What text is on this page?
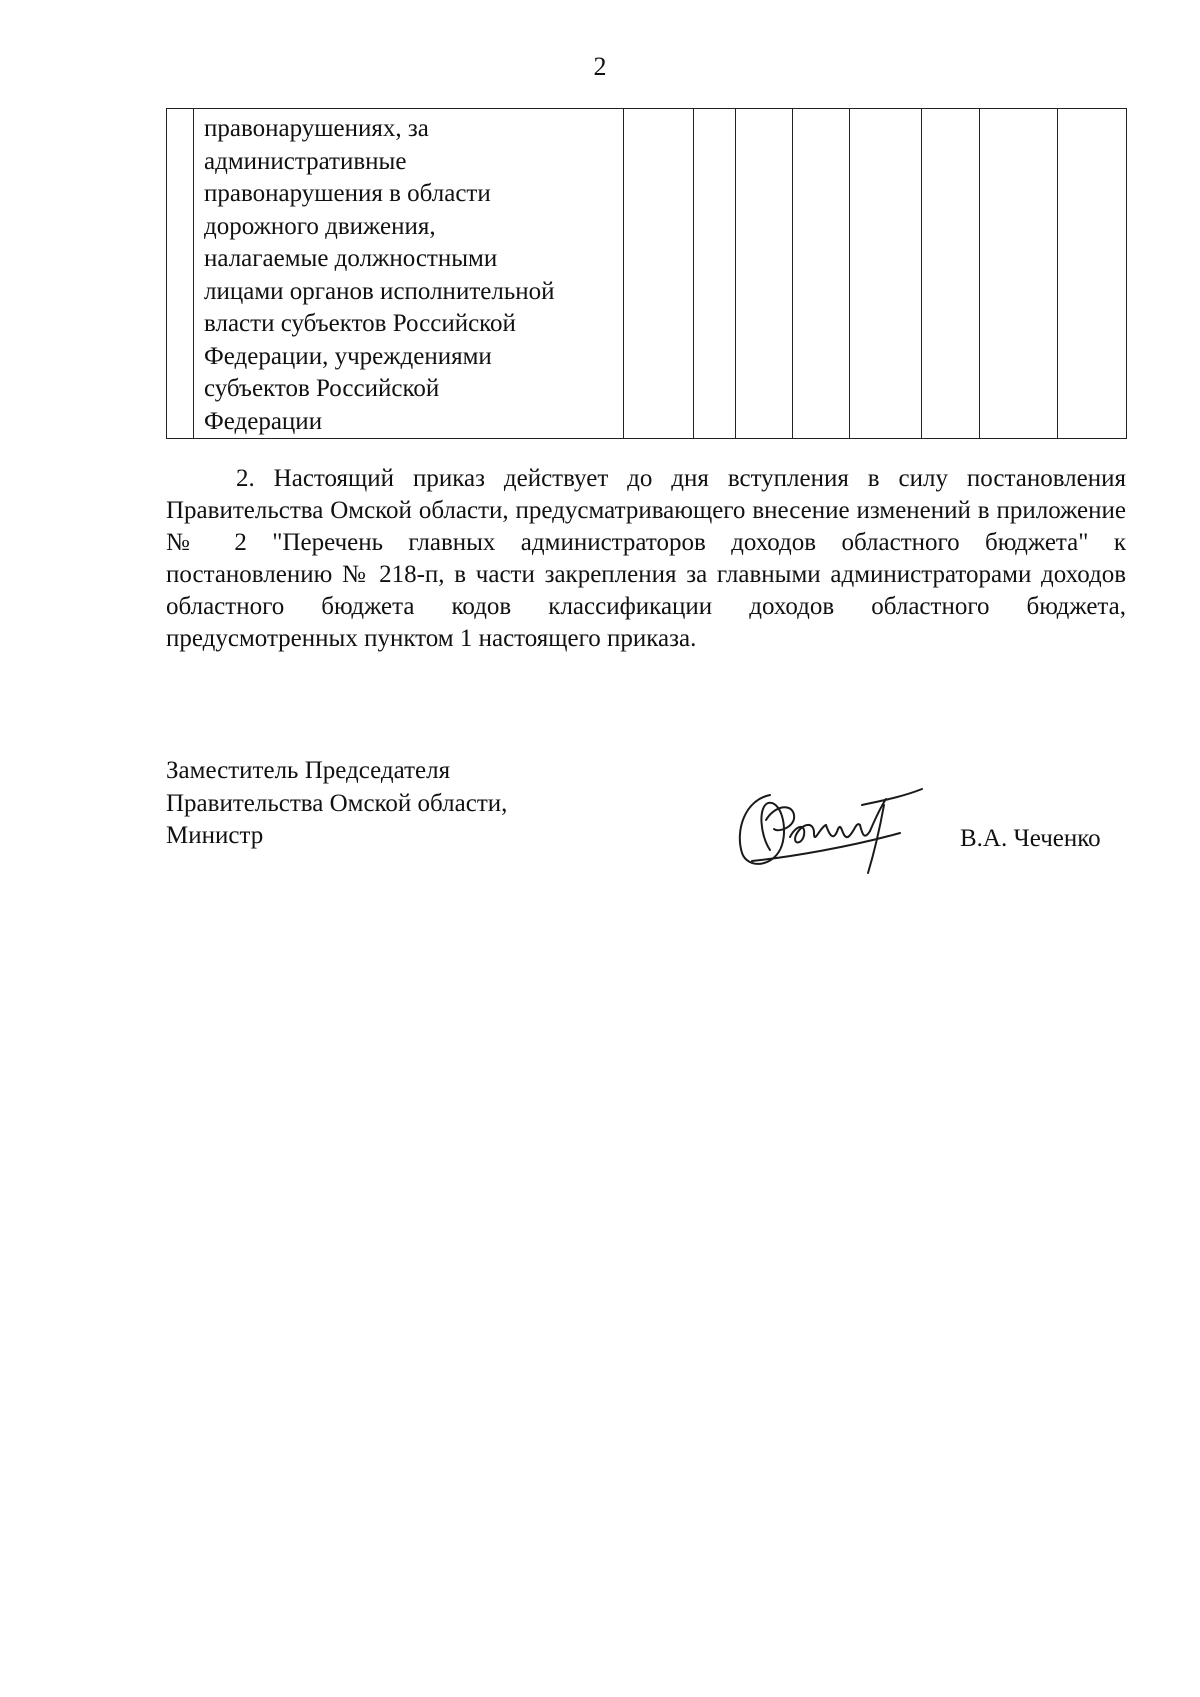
2

правонарушениях, за
административные
правонарушения в области
дорожного движения,
налагаемые должностными
лицами органов исполнительной
власти субъектов Российской
Федерации, учреждениями
субъектов Российской
Федерации

2. Настоящий приказ действует до дня вступления в силу постановления Правительства Омской области, предусматривающего внесение изменений в приложение № 2 "Перечень главных администраторов доходов областного бюджета" к постановлению № 218-п, в части закрепления за главными администраторами доходов областного бюджета кодов классификации доходов областного бюджета, предусмотренных пунктом 1 настоящего приказа.

Заместитель Председателя
Правительства Омской области,
Министр	В.А. Чеченко
